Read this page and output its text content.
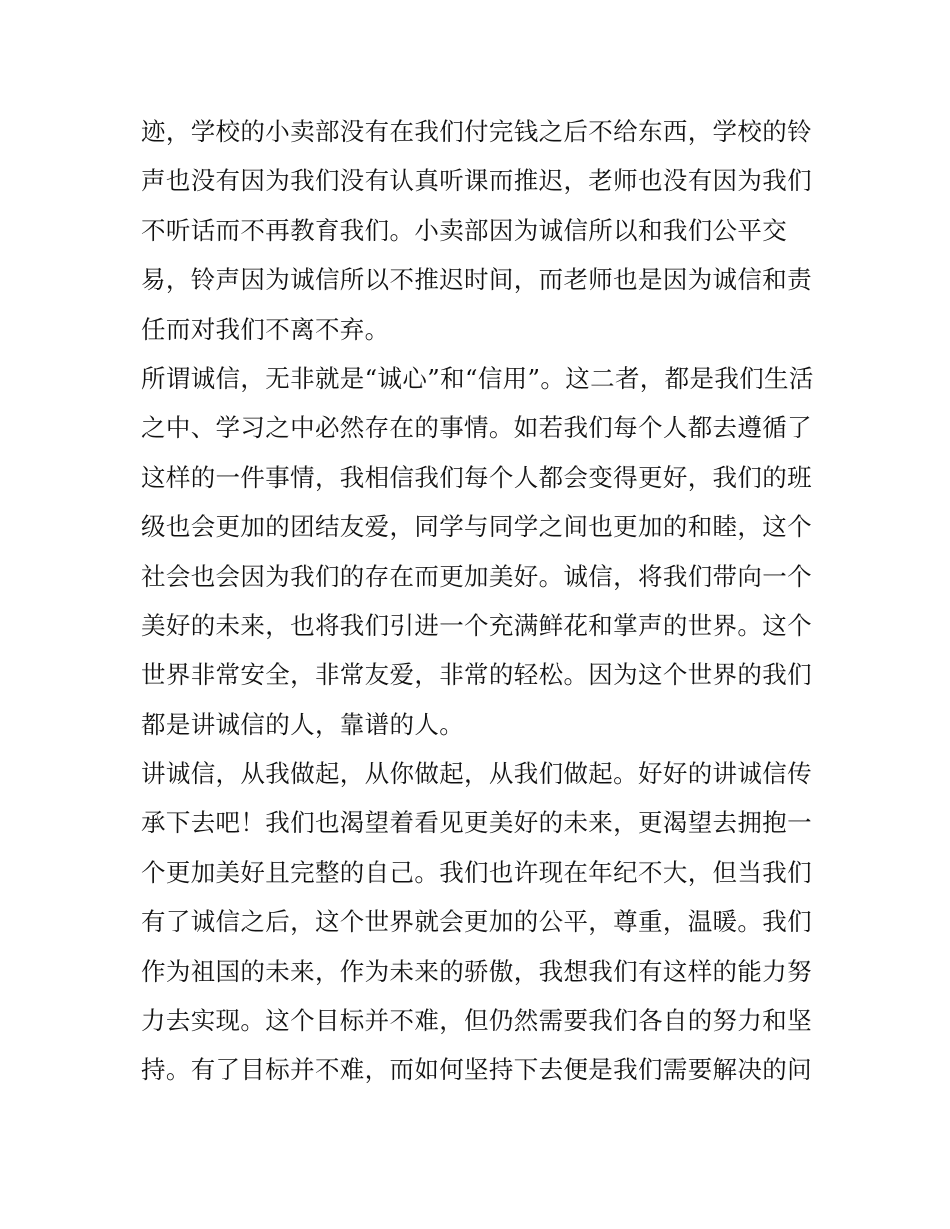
迹，学校的小卖部没有在我们付完钱之后不给东西，学校的铃
声也没有因为我们没有认真听课而推迟，老师也没有因为我们
不听话而不再教育我们。小卖部因为诚信所以和我们公平交
易，铃声因为诚信所以不推迟时间，而老师也是因为诚信和责
任而对我们不离不弃。
所谓诚信，无非就是“诚心”和“信用”。这二者，都是我们生活
之中、学习之中必然存在的事情。如若我们每个人都去遵循了
这样的一件事情，我相信我们每个人都会变得更好，我们的班
级也会更加的团结友爱，同学与同学之间也更加的和睦，这个
社会也会因为我们的存在而更加美好。诚信，将我们带向一个
美好的未来，也将我们引进一个充满鲜花和掌声的世界。这个
世界非常安全，非常友爱，非常的轻松。因为这个世界的我们
都是讲诚信的人，靠谱的人。
讲诚信，从我做起，从你做起，从我们做起。好好的讲诚信传
承下去吧！我们也渴望着看见更美好的未来，更渴望去拥抱一
个更加美好且完整的自己。我们也许现在年纪不大，但当我们
有了诚信之后，这个世界就会更加的公平，尊重，温暖。我们
作为祖国的未来，作为未来的骄傲，我想我们有这样的能力努
力去实现。这个目标并不难，但仍然需要我们各自的努力和坚
持。有了目标并不难，而如何坚持下去便是我们需要解决的问
